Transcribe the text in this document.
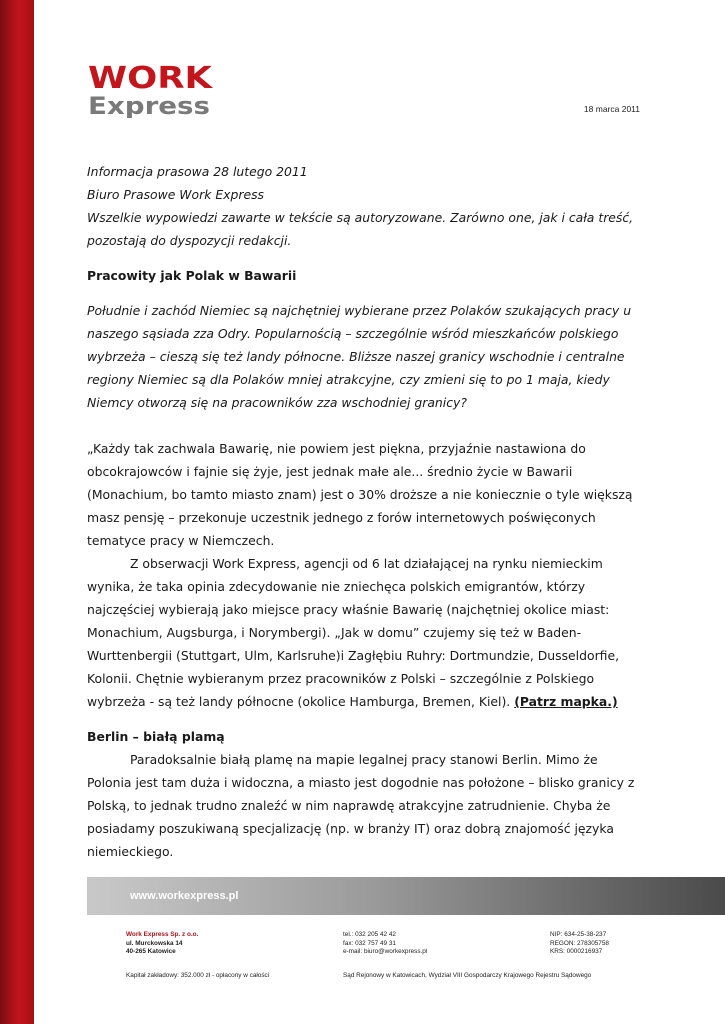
WORK
Express	18 marca 2011

Informacja prasowa 28 lutego 2011

Biuro Prasowe Work Express

Wszelkie wypowiedzi zawarte w tekście są autoryzowane. Zarówno one, jak i cała treść, pozostają do dyspozycji redakcji.

Pracowity jak Polak w Bawarii

Południe i zachód Niemiec są najchętniej wybierane przez Polaków szukających pracy u naszego sąsiada zza Odry. Popularnością – szczególnie wśród mieszkańców polskiego wybrzeża – cieszą się też landy północne. Bliższe naszej granicy wschodnie i centralne regiony Niemiec są dla Polaków mniej atrakcyjne, czy zmieni się to po 1 maja, kiedy Niemcy otworzą się na pracowników zza wschodniej granicy?

„Każdy tak zachwala Bawarię, nie powiem jest piękna, przyjaźnie nastawiona do obcokrajowców i fajnie się żyje, jest jednak małe ale... średnio życie w Bawarii (Monachium, bo tamto miasto znam) jest o 30% droższe a nie koniecznie o tyle większą masz pensję – przekonuje uczestnik jednego z forów internetowych poświęconych tematyce pracy w Niemczech.

Z obserwacji Work Express, agencji od 6 lat działającej na rynku niemieckim wynika, że taka opinia zdecydowanie nie zniechęca polskich emigrantów, którzy najczęściej wybierają jako miejsce pracy właśnie Bawarię (najchętniej okolice miast: Monachium, Augsburga, i Norymbergi). „Jak w domu” czujemy się też w Baden-Wurttenbergii (Stuttgart, Ulm, Karlsruhe)i Zagłębiu Ruhry: Dortmundzie, Dusseldorfie, Kolonii. Chętnie wybieranym przez pracowników z Polski – szczególnie z Polskiego wybrzeża - są też landy północne (okolice Hamburga, Bremen, Kiel). (Patrz mapka.)

Berlin – białą plamą

Paradoksalnie białą plamę na mapie legalnej pracy stanowi Berlin. Mimo że Polonia jest tam duża i widoczna, a miasto jest dogodnie nas położone – blisko granicy z Polską, to jednak trudno znaleźć w nim naprawdę atrakcyjne zatrudnienie. Chyba że posiadamy poszukiwaną specjalizację (np. w branży IT) oraz dobrą znajomość języka niemieckiego.

www.workexpress.pl
Work Express Sp. z o.o.
ul. Murckowska 14
40-265 Katowice
tel.: 032 205 42 42
fax: 032 757 49 31
e-mail: biuro@workexpress.pl
NIP: 634-25-38-237
REGON: 278305758
KRS: 0000216937
Kapitał zakładowy: 352.000 zł - opłacony w całości	Sąd Rejonowy w Katowicach, Wydział VIII Gospodarczy Krajowego Rejestru Sądowego
